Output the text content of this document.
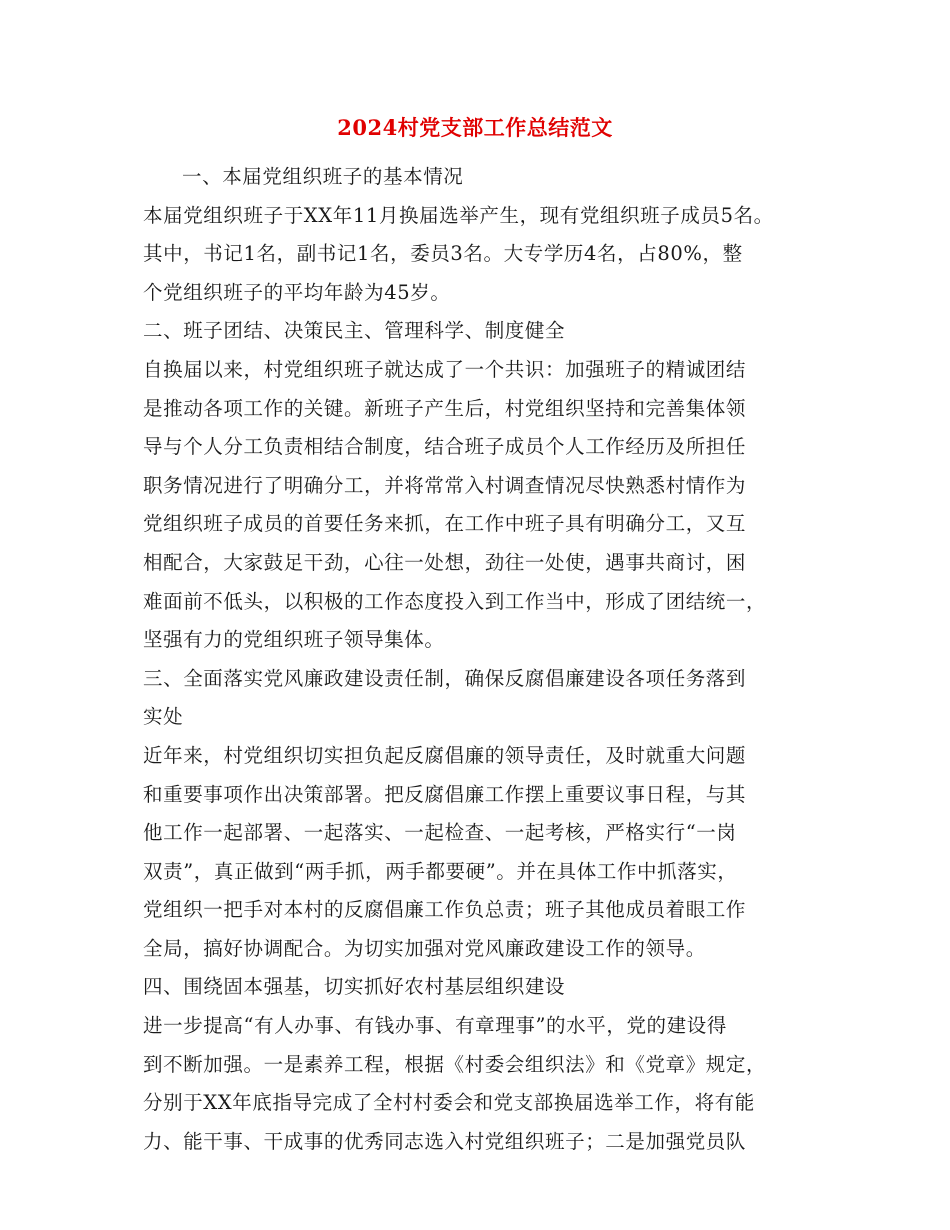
2024村党支部工作总结范文
一、本届党组织班子的基本情况
本届党组织班子于XX年11月换届选举产生，现有党组织班子成员5名。
其中，书记1名，副书记1名，委员3名。大专学历4名，占80%，整
个党组织班子的平均年龄为45岁。
二、班子团结、决策民主、管理科学、制度健全
自换届以来，村党组织班子就达成了一个共识：加强班子的精诚团结
是推动各项工作的关键。新班子产生后，村党组织坚持和完善集体领
导与个人分工负责相结合制度，结合班子成员个人工作经历及所担任
职务情况进行了明确分工，并将常常入村调查情况尽快熟悉村情作为
党组织班子成员的首要任务来抓，在工作中班子具有明确分工，又互
相配合，大家鼓足干劲，心往一处想，劲往一处使，遇事共商讨，困
难面前不低头，以积极的工作态度投入到工作当中，形成了团结统一，
坚强有力的党组织班子领导集体。
三、全面落实党风廉政建设责任制，确保反腐倡廉建设各项任务落到
实处
近年来，村党组织切实担负起反腐倡廉的领导责任，及时就重大问题
和重要事项作出决策部署。把反腐倡廉工作摆上重要议事日程，与其
他工作一起部署、一起落实、一起检查、一起考核，严格实行“一岗
双责”，真正做到“两手抓，两手都要硬”。并在具体工作中抓落实，
党组织一把手对本村的反腐倡廉工作负总责；班子其他成员着眼工作
全局，搞好协调配合。为切实加强对党风廉政建设工作的领导。
四、围绕固本强基，切实抓好农村基层组织建设
进一步提高“有人办事、有钱办事、有章理事”的水平，党的建设得
到不断加强。一是素养工程，根据《村委会组织法》和《党章》规定，
分别于XX年底指导完成了全村村委会和党支部换届选举工作，将有能
力、能干事、干成事的优秀同志选入村党组织班子；二是加强党员队
